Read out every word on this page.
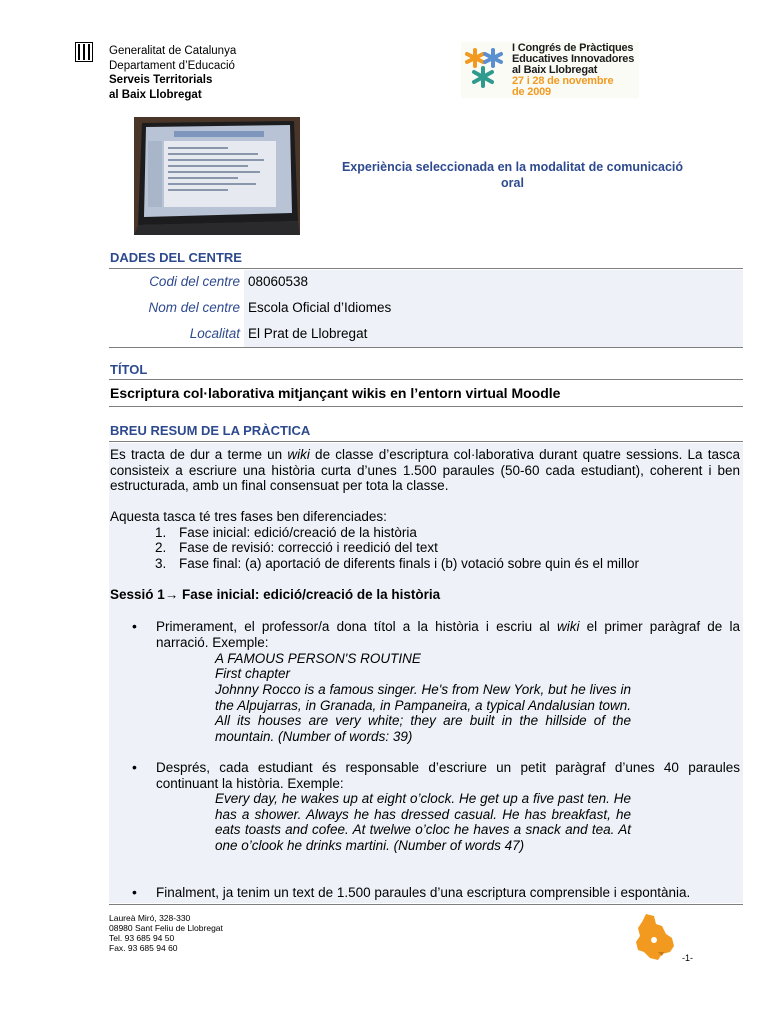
Generalitat de Catalunya
Departament d’Educació
Serveis Territorials
al Baix Llobregat
I Congrés de Pràctiques
Educatives Innovadores
al Baix Llobregat
27 i 28 de novembre
de 2009
Experiència seleccionada en la modalitat de comunicació oral
DADES DEL CENTRE
Codi del centre 08060538
Nom del centre Escola Oficial d’Idiomes
Localitat El Prat de Llobregat
TÍTOL
Escriptura col·laborativa mitjançant wikis en l’entorn virtual Moodle
BREU RESUM DE LA PRÀCTICA
Es tracta de dur a terme un wiki de classe d’escriptura col·laborativa durant quatre sessions. La tasca consisteix a escriure una història curta d’unes 1.500 paraules (50-60 cada estudiant), coherent i ben estructurada, amb un final consensuat per tota la classe.
Aquesta tasca té tres fases ben diferenciades:
1. Fase inicial: edició/creació de la història
2. Fase de revisió: correcció i reedició del text
3. Fase final: (a) aportació de diferents finals i (b) votació sobre quin és el millor
Sessió 1→ Fase inicial: edició/creació de la història
• Primerament, el professor/a dona títol a la història i escriu al wiki el primer paràgraf de la narració. Exemple:
A FAMOUS PERSON'S ROUTINE
First chapter
Johnny Rocco is a famous singer. He's from New York, but he lives in the Alpujarras, in Granada, in Pampaneira, a typical Andalusian town. All its houses are very white; they are built in the hillside of the mountain. (Number of words: 39)
• Després, cada estudiant és responsable d’escriure un petit paràgraf d’unes 40 paraules continuant la història. Exemple:
Every day, he wakes up at eight o’clock. He get up a five past ten. He has a shower. Always he has dressed casual. He has breakfast, he eats toasts and cofee. At twelwe o’cloc he haves a snack and tea. At one o’clook he drinks martini. (Number of words 47)
• Finalment, ja tenim un text de 1.500 paraules d’una escriptura comprensible i espontània.
Laureà Miró, 328-330
08980 Sant Feliu de Llobregat
Tel. 93 685 94 50
Fax. 93 685 94 60
-1-
